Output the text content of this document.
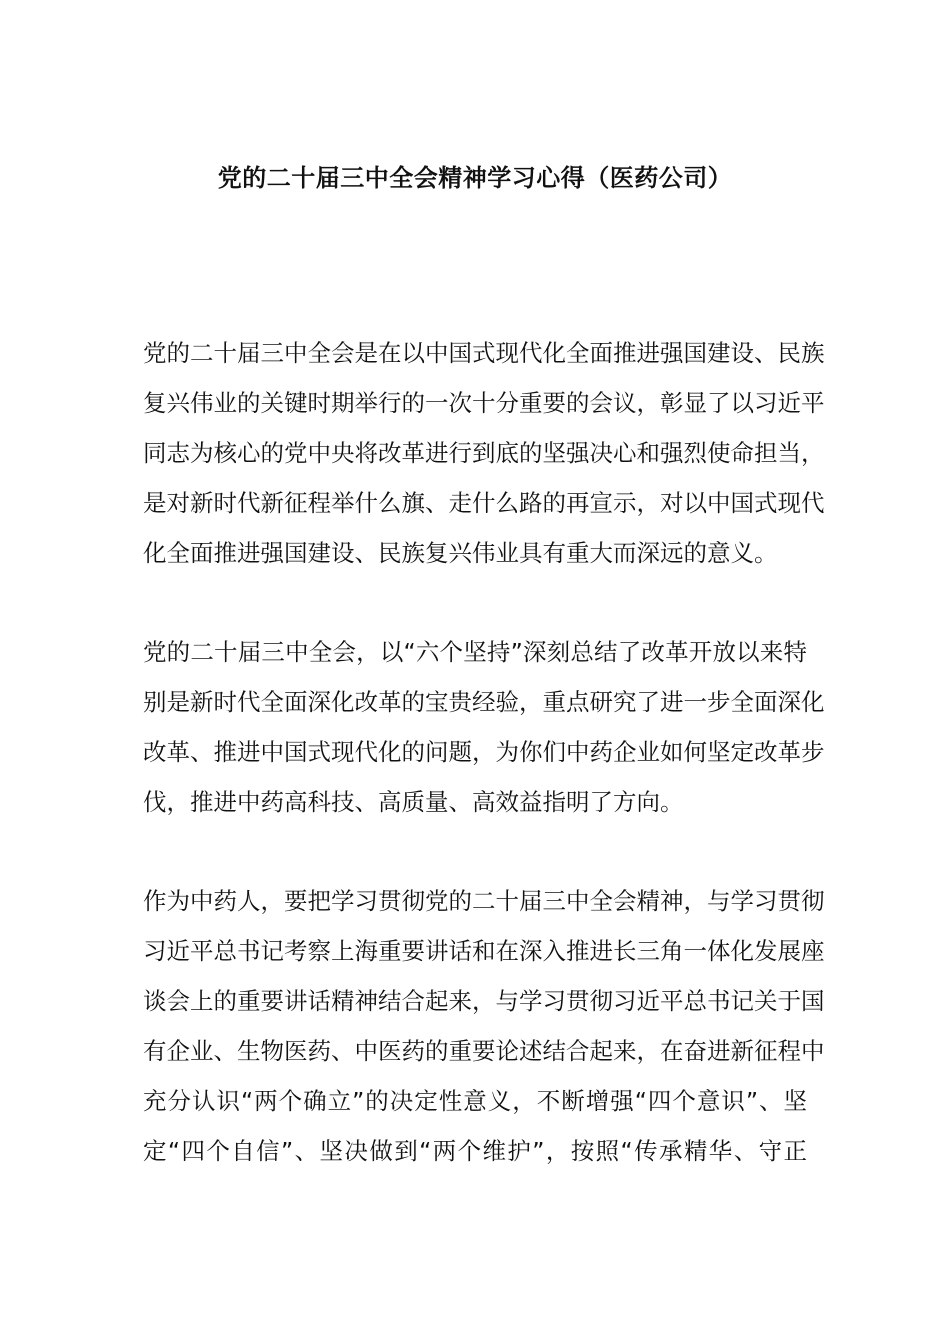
党的二十届三中全会精神学习心得（医药公司）
党的二十届三中全会是在以中国式现代化全面推进强国建设、民族
复兴伟业的关键时期举行的一次十分重要的会议，彰显了以习近平
同志为核心的党中央将改革进行到底的坚强决心和强烈使命担当，
是对新时代新征程举什么旗、走什么路的再宣示，对以中国式现代
化全面推进强国建设、民族复兴伟业具有重大而深远的意义。
党的二十届三中全会，以“六个坚持”深刻总结了改革开放以来特
别是新时代全面深化改革的宝贵经验，重点研究了进一步全面深化
改革、推进中国式现代化的问题，为你们中药企业如何坚定改革步
伐，推进中药高科技、高质量、高效益指明了方向。
作为中药人，要把学习贯彻党的二十届三中全会精神，与学习贯彻
习近平总书记考察上海重要讲话和在深入推进长三角一体化发展座
谈会上的重要讲话精神结合起来，与学习贯彻习近平总书记关于国
有企业、生物医药、中医药的重要论述结合起来，在奋进新征程中
充分认识“两个确立”的决定性意义，不断增强“四个意识”、坚
定“四个自信”、坚决做到“两个维护”，按照“传承精华、守正
